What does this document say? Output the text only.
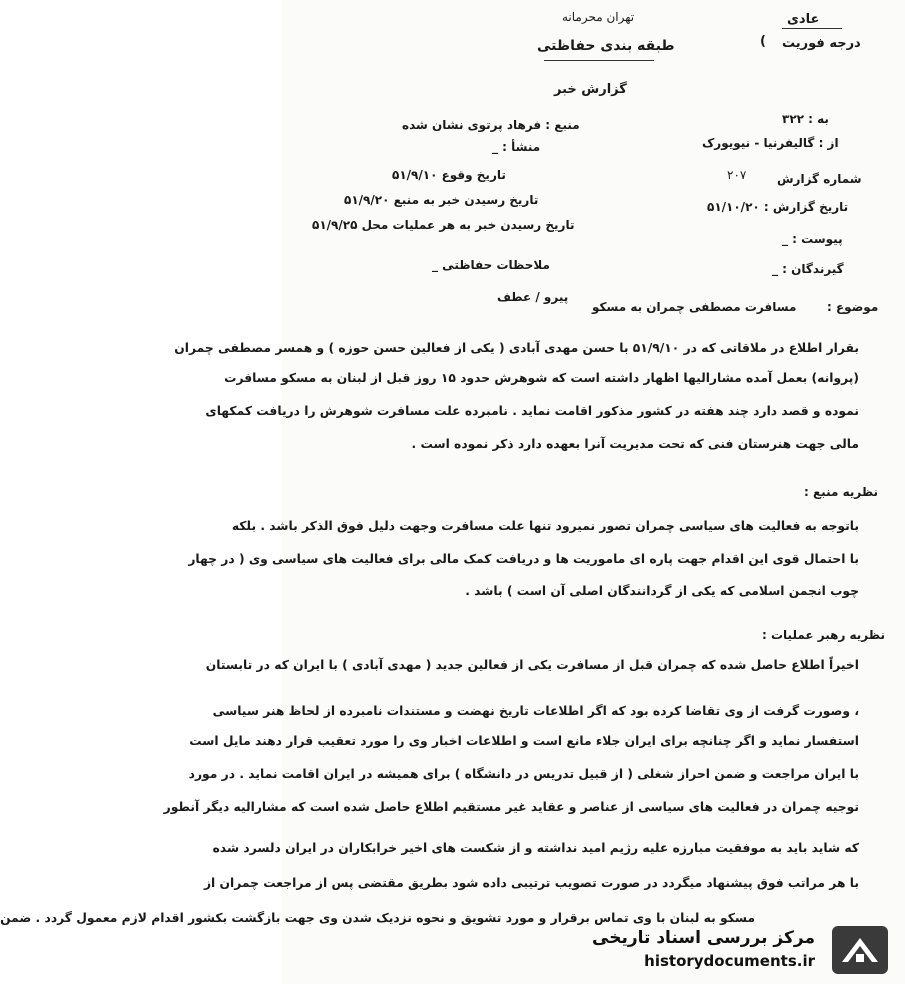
تهران محرمانه
طبقه بندی حفاظتی
گزارش خبر
عادی
) درجه فوریت
منبع : فرهاد پرتوی نشان شده
منشأ : _
تاریخ وقوع ۵۱/۹/۱۰
تاریخ رسیدن خبر به منبع ۵۱/۹/۲۰
تاریخ رسیدن خبر به هر عملیات محل ۵۱/۹/۲۵
ملاحظات حفاظتی _
به : ۳۲۲
از : گالیفرنیا - نیویورک
شماره گزارش
۲۰۷
تاریخ گزارش : ۵۱/۱۰/۲۰
پیوست : _
گیرندگان : _
پیرو / عطف
مسافرت مصطفی چمران به مسکو	موضوع :
بقرار اطلاع در ملاقاتی که در ۵۱/۹/۱۰ با حسن مهدی آبادی ( یکی از فعالین حسن حوزه ) و همسر مصطفی چمران
(پروانه) بعمل آمده مشارالیها اظهار داشته است که شوهرش حدود ۱۵ روز قبل از لبنان به مسکو مسافرت
نموده و قصد دارد چند هفته در کشور مذکور اقامت نماید . نامبرده علت مسافرت شوهرش را دریافت کمکهای
مالی جهت هنرستان فنی که تحت مدیریت آنرا بعهده دارد ذکر نموده است .
نظریه منبع :
باتوجه به فعالیت های سیاسی چمران تصور نمیرود تنها علت مسافرت وجهت دلیل فوق الذکر باشد . بلکه
با احتمال قوی این اقدام جهت پاره ای ماموریت ها و دریافت کمک مالی برای فعالیت های سیاسی وی ( در چهار
چوب انجمن اسلامی که یکی از گردانندگان اصلی آن است ) باشد .
نظریه رهبر عملیات :
اخیراً اطلاع حاصل شده که چمران قبل از مسافرت یکی از فعالین جدید ( مهدی آبادی ) با ایران که در تابستان
، وصورت گرفت از وی تقاضا کرده بود که اگر اطلاعات تاریخ نهضت و مستندات نامبرده از لحاظ هنر سیاسی
استفسار نماید و اگر چنانچه برای ایران جلاء مانع است و اطلاعات اخبار وی را مورد تعقیب قرار دهند مایل است
با ایران مراجعت و ضمن احراز شغلی ( از قبیل تدریس در دانشگاه ) برای همیشه در ایران اقامت نماید . در مورد
توجیه چمران در فعالیت های سیاسی از عناصر و عقاید غیر مستقیم اطلاع حاصل شده است که مشارالیه دیگر آنطور
که شاید باید به موفقیت مبارزه علیه رژیم امید نداشته و از شکست های اخیر خرابکاران در ایران دلسرد شده
با هر مراتب فوق پیشنهاد میگردد در صورت تصویب ترتیبی داده شود بطریق مقتضی پس از مراجعت چمران از
مسکو به لبنان با وی تماس برقرار و مورد تشویق و نحوه نزدیک شدن وی جهت بازگشت بکشور اقدام لازم معمول گردد . ضمن
مرکز بررسی اسناد تاریخی
historydocuments.ir
